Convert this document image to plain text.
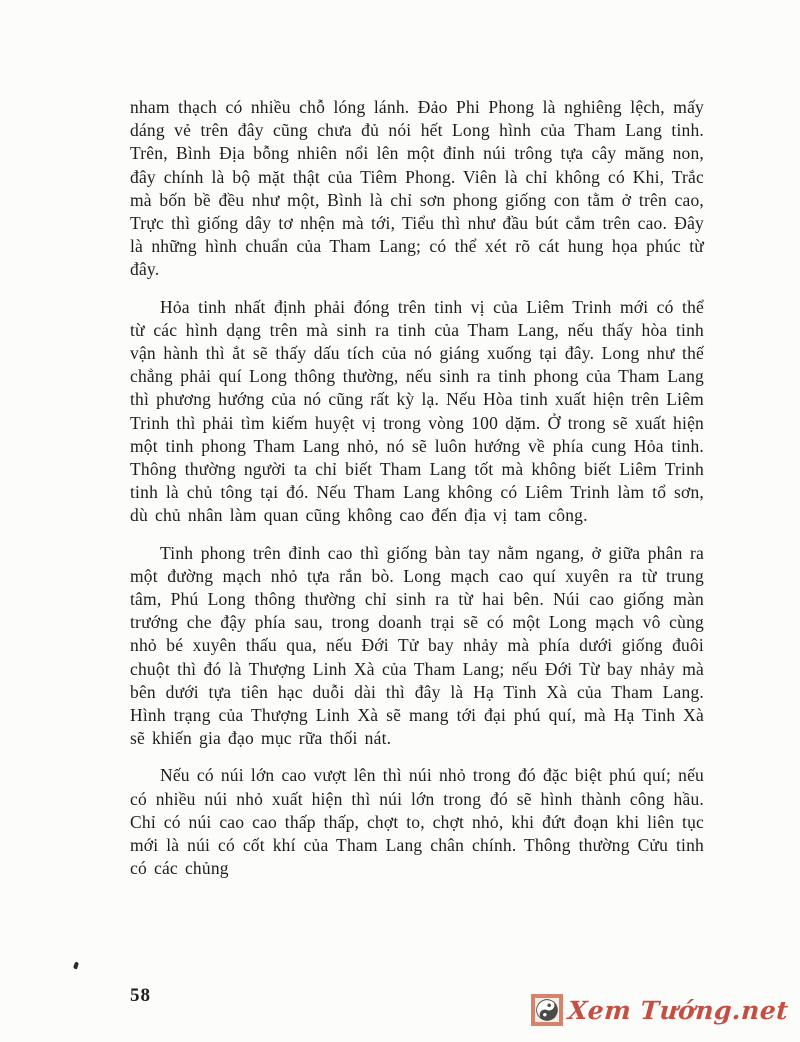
nham thạch có nhiều chỗ lóng lánh. Đảo Phi Phong là nghiêng lệch, mấy dáng vẻ trên đây cũng chưa đủ nói hết Long hình của Tham Lang tinh. Trên, Bình Địa bỗng nhiên nổi lên một đỉnh núi trông tựa cây măng non, đây chính là bộ mặt thật của Tiêm Phong. Viên là chỉ không có Khi, Trắc mà bốn bề đều như một, Bình là chỉ sơn phong giống con tằm ở trên cao, Trực thì giống dây tơ nhện mà tới, Tiểu thì như đầu bút cắm trên cao. Đây là những hình chuẩn của Tham Lang; có thể xét rõ cát hung họa phúc từ đây.

Hỏa tinh nhất định phải đóng trên tinh vị của Liêm Trinh mới có thể từ các hình dạng trên mà sinh ra tinh của Tham Lang, nếu thấy hòa tinh vận hành thì ắt sẽ thấy dấu tích của nó giáng xuống tại đây. Long như thế chẳng phải quí Long thông thường, nếu sinh ra tinh phong của Tham Lang thì phương hướng của nó cũng rất kỳ lạ. Nếu Hòa tinh xuất hiện trên Liêm Trinh thì phải tìm kiếm huyệt vị trong vòng 100 dặm. Ở trong sẽ xuất hiện một tinh phong Tham Lang nhỏ, nó sẽ luôn hướng về phía cung Hỏa tinh. Thông thường người ta chỉ biết Tham Lang tốt mà không biết Liêm Trinh tinh là chủ tông tại đó. Nếu Tham Lang không có Liêm Trinh làm tổ sơn, dù chủ nhân làm quan cũng không cao đến địa vị tam công.

Tinh phong trên đỉnh cao thì giống bàn tay nằm ngang, ở giữa phân ra một đường mạch nhỏ tựa rắn bò. Long mạch cao quí xuyên ra từ trung tâm, Phú Long thông thường chỉ sinh ra từ hai bên. Núi cao giống màn trướng che đậy phía sau, trong doanh trại sẽ có một Long mạch vô cùng nhỏ bé xuyên thấu qua, nếu Đới Tử bay nhảy mà phía dưới giống đuôi chuột thì đó là Thượng Linh Xà của Tham Lang; nếu Đới Từ bay nhảy mà bên dưới tựa tiên hạc duỗi dài thì đây là Hạ Tinh Xà của Tham Lang. Hình trạng của Thượng Linh Xà sẽ mang tới đại phú quí, mà Hạ Tinh Xà sẽ khiến gia đạo mục rữa thối nát.

Nếu có núi lớn cao vượt lên thì núi nhỏ trong đó đặc biệt phú quí; nếu có nhiều núi nhỏ xuất hiện thì núi lớn trong đó sẽ hình thành công hầu. Chỉ có núi cao cao thấp thấp, chợt to, chợt nhỏ, khi đứt đoạn khi liên tục mới là núi có cốt khí của Tham Lang chân chính. Thông thường Cửu tinh có các chủng

58	Xem Tướng.net
